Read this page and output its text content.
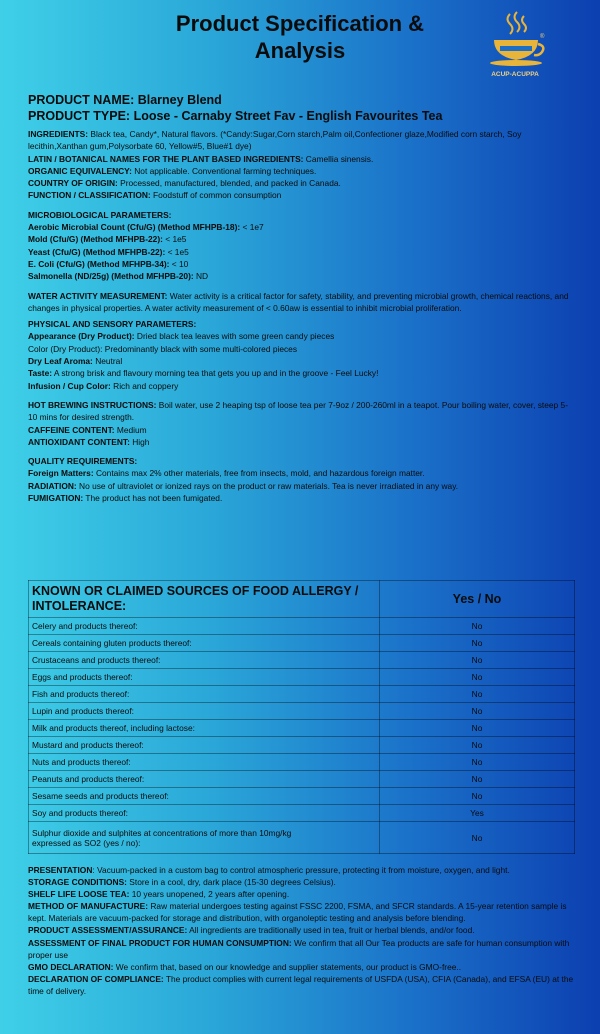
Product Specification &
Analysis
ACUP-ACUPPA
®
PRODUCT NAME: Blarney Blend
PRODUCT TYPE: Loose - Carnaby Street Fav - English Favourites Tea

INGREDIENTS: Black tea, Candy*, Natural flavors. (*Candy:Sugar,Corn starch,Palm oil,Confectioner glaze,Modified corn starch, Soy lecithin,Xanthan gum,Polysorbate 60, Yellow#5, Blue#1 dye)

LATIN / BOTANICAL NAMES FOR THE PLANT BASED INGREDIENTS: Camellia sinensis.

ORGANIC EQUIVALENCY: Not applicable. Conventional farming techniques.

COUNTRY OF ORIGIN: Processed, manufactured, blended, and packed in Canada.

FUNCTION / CLASSIFICATION: Foodstuff of common consumption

MICROBIOLOGICAL PARAMETERS:

Aerobic Microbial Count (Cfu/G) (Method MFHPB-18): < 1e7

Mold (Cfu/G) (Method MFHPB-22): < 1e5

Yeast (Cfu/G) (Method MFHPB-22): < 1e5

E. Coli (Cfu/G) (Method MFHPB-34): < 10

Salmonella (ND/25g) (Method MFHPB-20): ND

WATER ACTIVITY MEASUREMENT: Water activity is a critical factor for safety, stability, and preventing microbial growth, chemical reactions, and changes in physical properties. A water activity measurement of < 0.60aw is essential to inhibit microbial proliferation.

PHYSICAL AND SENSORY PARAMETERS:

Appearance (Dry Product): Dried black tea leaves with some green candy pieces

Color (Dry Product): Predominantly black with some multi-colored pieces

Dry Leaf Aroma: Neutral

Taste: A strong brisk and flavoury morning tea that gets you up and in the groove - Feel Lucky!

Infusion / Cup Color: Rich and coppery

HOT BREWING INSTRUCTIONS: Boil water, use 2 heaping tsp of loose tea per 7-9oz / 200-260ml in a teapot. Pour boiling water, cover, steep 5-10 mins for desired strength.

CAFFEINE CONTENT: Medium

ANTIOXIDANT CONTENT: High

QUALITY REQUIREMENTS:

Foreign Matters: Contains max 2% other materials, free from insects, mold, and hazardous foreign matter.

RADIATION: No use of ultraviolet or ionized rays on the product or raw materials. Tea is never irradiated in any way.

FUMIGATION: The product has not been fumigated.

KNOWN OR CLAIMED SOURCES OF FOOD ALLERGY /
INTOLERANCE:	Yes / No
Celery and products thereof:	No
Cereals containing gluten products thereof:	No
Crustaceans and products thereof:	No
Eggs and products thereof:	No
Fish and products thereof:	No
Lupin and products thereof:	No
Milk and products thereof, including lactose:	No
Mustard and products thereof:	No
Nuts and products thereof:	No
Peanuts and products thereof:	No
Sesame seeds and products thereof:	No
Soy and products thereof:	Yes

Sulphur dioxide and sulphites at concentrations of more than 10mg/kg
expressed as SO2 (yes / no):	No

PRESENTATION: Vacuum-packed in a custom bag to control atmospheric pressure, protecting it from moisture, oxygen, and light.

STORAGE CONDITIONS: Store in a cool, dry, dark place (15-30 degrees Celsius).

SHELF LIFE LOOSE TEA: 10 years unopened, 2 years after opening.

METHOD OF MANUFACTURE: Raw material undergoes testing against FSSC 2200, FSMA, and SFCR standards. A 15-year retention sample is kept. Materials are vacuum-packed for storage and distribution, with organoleptic testing and analysis before blending.

PRODUCT ASSESSMENT/ASSURANCE: All ingredients are traditionally used in tea, fruit or herbal blends, and/or food.

ASSESSMENT OF FINAL PRODUCT FOR HUMAN CONSUMPTION: We confirm that all Our Tea products are safe for human consumption with proper use

GMO DECLARATION: We confirm that, based on our knowledge and supplier statements, our product is GMO-free..

DECLARATION OF COMPLIANCE: The product complies with current legal requirements of USFDA (USA), CFIA (Canada), and EFSA (EU) at the time of delivery.
